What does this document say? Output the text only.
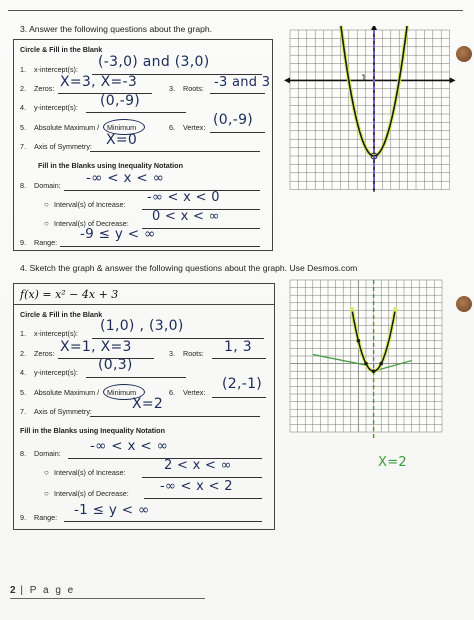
3. Answer the following questions about the graph.
Circle & Fill in the Blank
1. x-intercept(s): (-3,0) and (3,0)
2. Zeros: X=3, X=-3	3. Roots: -3 and 3
4. y-intercept(s): (0,-9)
5. Absolute Maximum / Minimum	6. Vertex: (0,-9)
7. Axis of Symmetry: X=0
Fill in the Blanks using Inequality Notation
8. Domain: -∞ < x < ∞
○ Interval(s) of Increase: -∞ < x < 0
○ Interval(s) of Decrease: 0 < x < ∞
9. Range:
-9 ≤ y < ∞
1
4. Sketch the graph & answer the following questions about the graph. Use Desmos.com
f(x) = x² − 4x + 3
Circle & Fill in the Blank
1. x-intercept(s): (1,0) , (3,0)
2. Zeros: X=1, X=3	3. Roots: 1, 3
4. y-intercept(s): (0,3)
5. Absolute Maximum / Minimum	6. Vertex:
(2,-1)
7. Axis of Symmetry:	X=2
Fill in the Blanks using Inequality Notation
8. Domain: -∞ < x < ∞
○ Interval(s) of Increase:	2 < x < ∞
○ Interval(s) of Decrease: -∞ < x < 2
9. Range: -1 ≤ y < ∞
X=2
2 | P a g e
